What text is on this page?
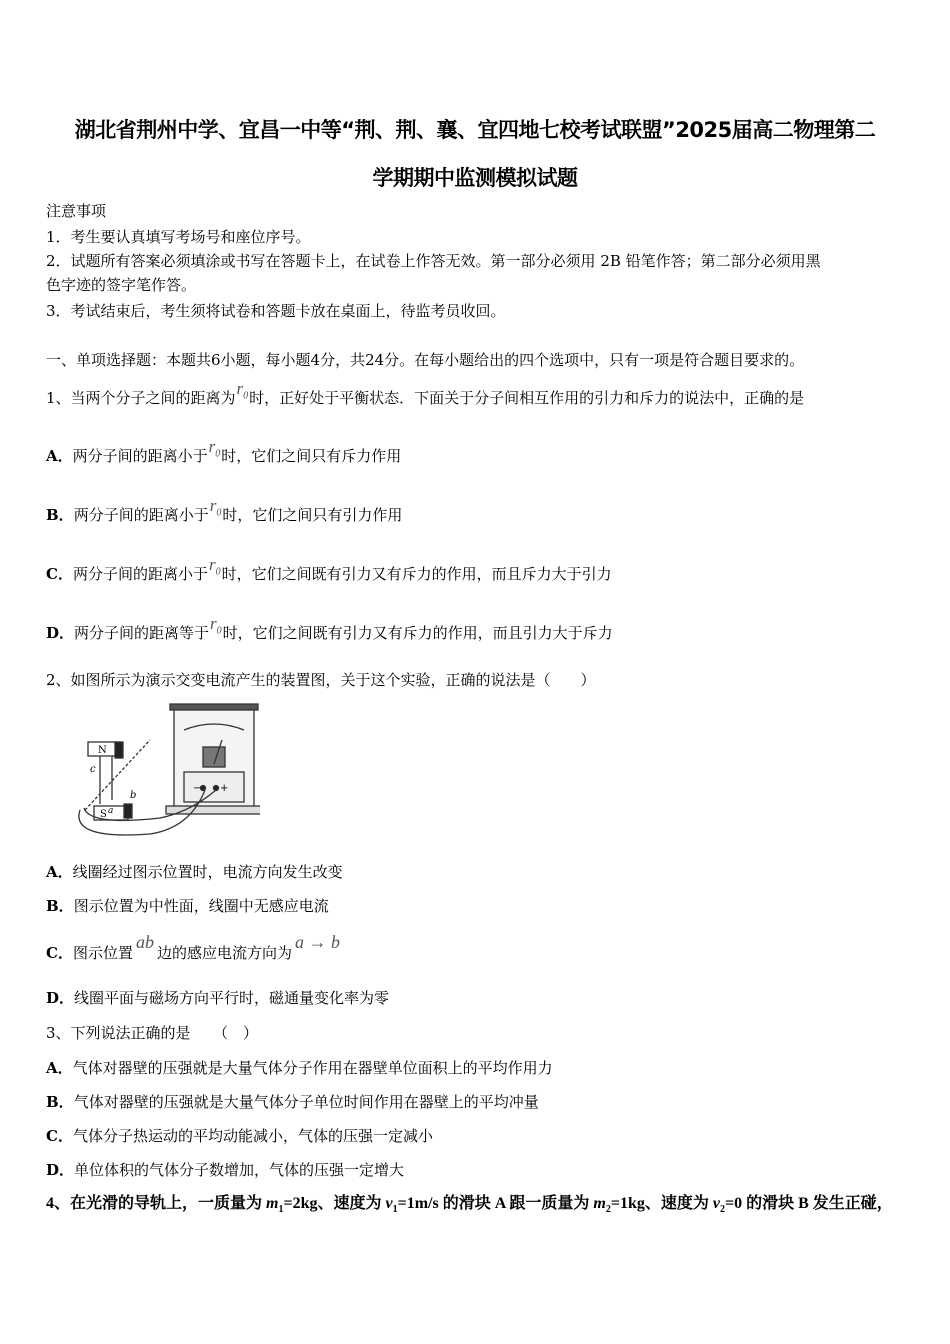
湖北省荆州中学、宜昌一中等“荆、荆、襄、宜四地七校考试联盟”2025届高二物理第二
学期期中监测模拟试题
注意事项
1．考生要认真填写考场号和座位序号。
2．试题所有答案必须填涂或书写在答题卡上，在试卷上作答无效。第一部分必须用 2B 铅笔作答；第二部分必须用黑
色字迹的签字笔作答。
3．考试结束后，考生须将试卷和答题卡放在桌面上，待监考员收回。
一、单项选择题：本题共6小题，每小题4分，共24分。在每小题给出的四个选项中，只有一项是符合题目要求的。
1、当两个分子之间的距离为$r_0$时，正好处于平衡状态．下面关于分子间相互作用的引力和斥力的说法中，正确的是
A．两分子间的距离小于$r_0$时，它们之间只有斥力作用
B．两分子间的距离小于$r_0$时，它们之间只有引力作用
C．两分子间的距离小于$r_0$时，它们之间既有引力又有斥力的作用，而且斥力大于引力
D．两分子间的距离等于$r_0$时，它们之间既有引力又有斥力的作用，而且引力大于斥力
2、如图所示为演示交变电流产生的装置图，关于这个实验，正确的说法是（　　）
N
S a
b
c
− +
A．线圈经过图示位置时，电流方向发生改变
B．图示位置为中性面，线圈中无感应电流
C．图示位置ab边的感应电流方向为a → b
D．线圈平面与磁场方向平行时，磁通量变化率为零
3、下列说法正确的是　　（　）
A．气体对器壁的压强就是大量气体分子作用在器壁单位面积上的平均作用力
B．气体对器壁的压强就是大量气体分子单位时间作用在器壁上的平均冲量
C．气体分子热运动的平均动能减小，气体的压强一定减小
D．单位体积的气体分子数增加，气体的压强一定增大
4、在光滑的导轨上，一质量为 $m_1=2kg$、速度为 $v_1=1m/s$ 的滑块 A 跟一质量为 $m_2=1kg$、速度为 $v_2=0$ 的滑块 B 发生正碰，
